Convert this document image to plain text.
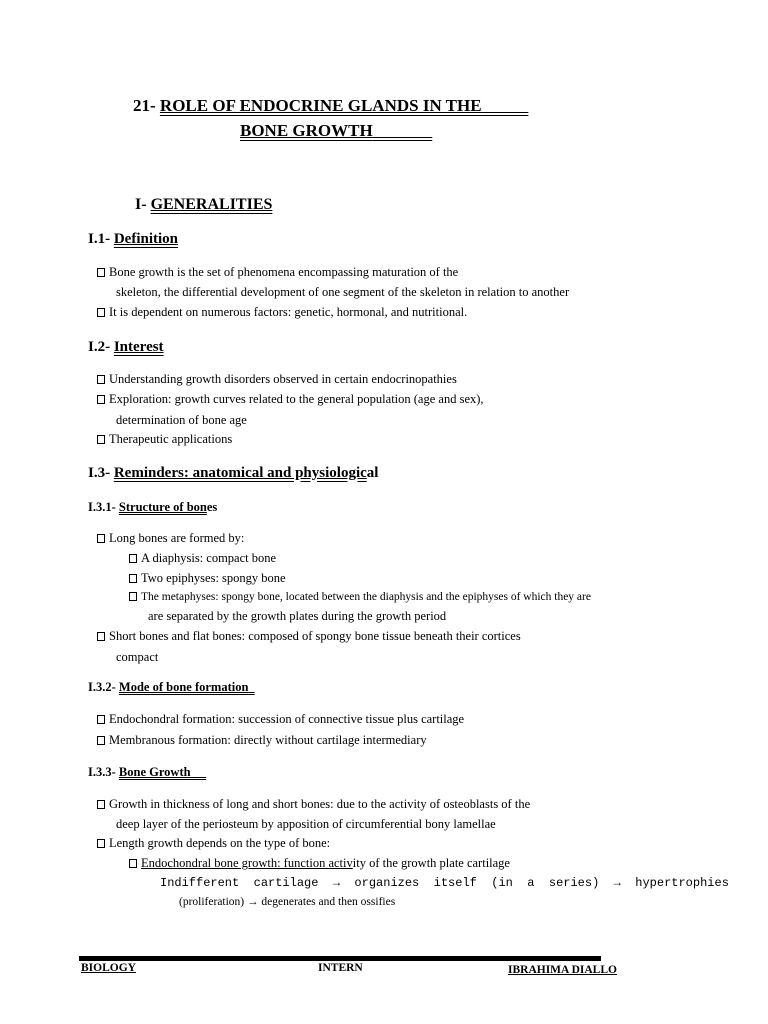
21- ROLE OF ENDOCRINE GLANDS IN THE
BONE GROWTH
I- GENERALITIES
I.1- Definition
Bone growth is the set of phenomena encompassing maturation of the
skeleton, the differential development of one segment of the skeleton in relation to another
It is dependent on numerous factors: genetic, hormonal, and nutritional.
I.2- Interest
Understanding growth disorders observed in certain endocrinopathies
Exploration: growth curves related to the general population (age and sex),
determination of bone age
Therapeutic applications
I.3- Reminders: anatomical and physiological
I.3.1- Structure of bones
Long bones are formed by:
A diaphysis: compact bone
Two epiphyses: spongy bone
The metaphyses: spongy bone, located between the diaphysis and the epiphyses of which they are
are separated by the growth plates during the growth period
Short bones and flat bones: composed of spongy bone tissue beneath their cortices
compact
I.3.2- Mode of bone formation
Endochondral formation: succession of connective tissue plus cartilage
Membranous formation: directly without cartilage intermediary
I.3.3- Bone Growth
Growth in thickness of long and short bones: due to the activity of osteoblasts of the
deep layer of the periosteum by apposition of circumferential bony lamellae
Length growth depends on the type of bone:
Endochondral bone growth: function activity of the growth plate cartilage
Indifferent  cartilage  →  organizes  itself  (in  a  series)  →  hypertrophies
(proliferation) → degenerates and then ossifies
BIOLOGY	INTERN	IBRAHIMA DIALLO
